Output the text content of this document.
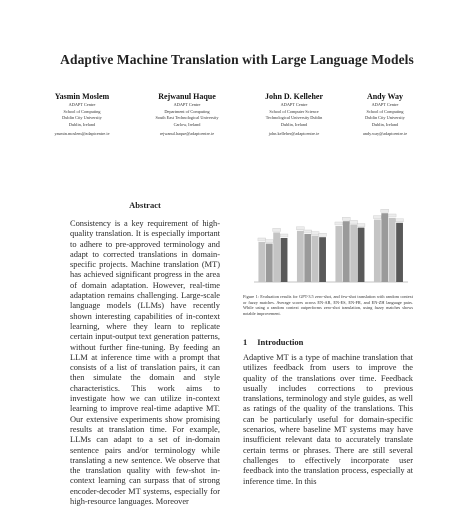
Adaptive Machine Translation with Large Language Models
Yasmin Moslem
ADAPT Centre
School of Computing
Dublin City University
Dublin, Ireland
yasmin.moslem@adaptcentre.ie
Rejwanul Haque
ADAPT Centre
Department of Computing
South East Technological University
Carlow, Ireland
rejwanul.haque@adaptcentre.ie
John D. Kelleher
ADAPT Centre
School of Computer Science
Technological University Dublin
Dublin, Ireland
john.kelleher@adaptcentre.ie
Andy Way
ADAPT Centre
School of Computing
Dublin City University
Dublin, Ireland
andy.way@adaptcentre.ie
Abstract
Consistency is a key requirement of high-quality translation. It is especially important to adhere to pre-approved terminology and adapt to corrected translations in domain-specific projects. Machine translation (MT) has achieved significant progress in the area of domain adaptation. However, real-time adaptation remains challenging. Large-scale language models (LLMs) have recently shown interesting capabilities of in-context learning, where they learn to replicate certain input-output text generation patterns, without further fine-tuning. By feeding an LLM at inference time with a prompt that consists of a list of translation pairs, it can then simulate the domain and style characteristics. This work aims to investigate how we can utilize in-context learning to improve real-time adaptive MT. Our extensive experiments show promising results at translation time. For example, LLMs can adapt to a set of in-domain sentence pairs and/or terminology while translating a new sentence. We observe that the translation quality with few-shot in-context learning can surpass that of strong encoder-decoder MT systems, especially for high-resource languages. Moreover
Figure 1: Evaluation results for GPT-3.5 zero-shot, and few-shot translation with random context or fuzzy matches. Average scores across EN-AR, EN-ES, EN-FR, and EN-ZH language pairs. While using a random context outperforms zero-shot translation, using fuzzy matches shows notable improvement.
1 Introduction
Adaptive MT is a type of machine translation that utilizes feedback from users to improve the quality of the translations over time. Feedback usually includes corrections to previous translations, terminology and style guides, as well as ratings of the quality of the translations. This can be particularly useful for domain-specific scenarios, where baseline MT systems may have insufficient relevant data to accurately translate certain terms or phrases. There are still several challenges to effectively incorporate user feedback into the translation process, especially at inference time. In this
